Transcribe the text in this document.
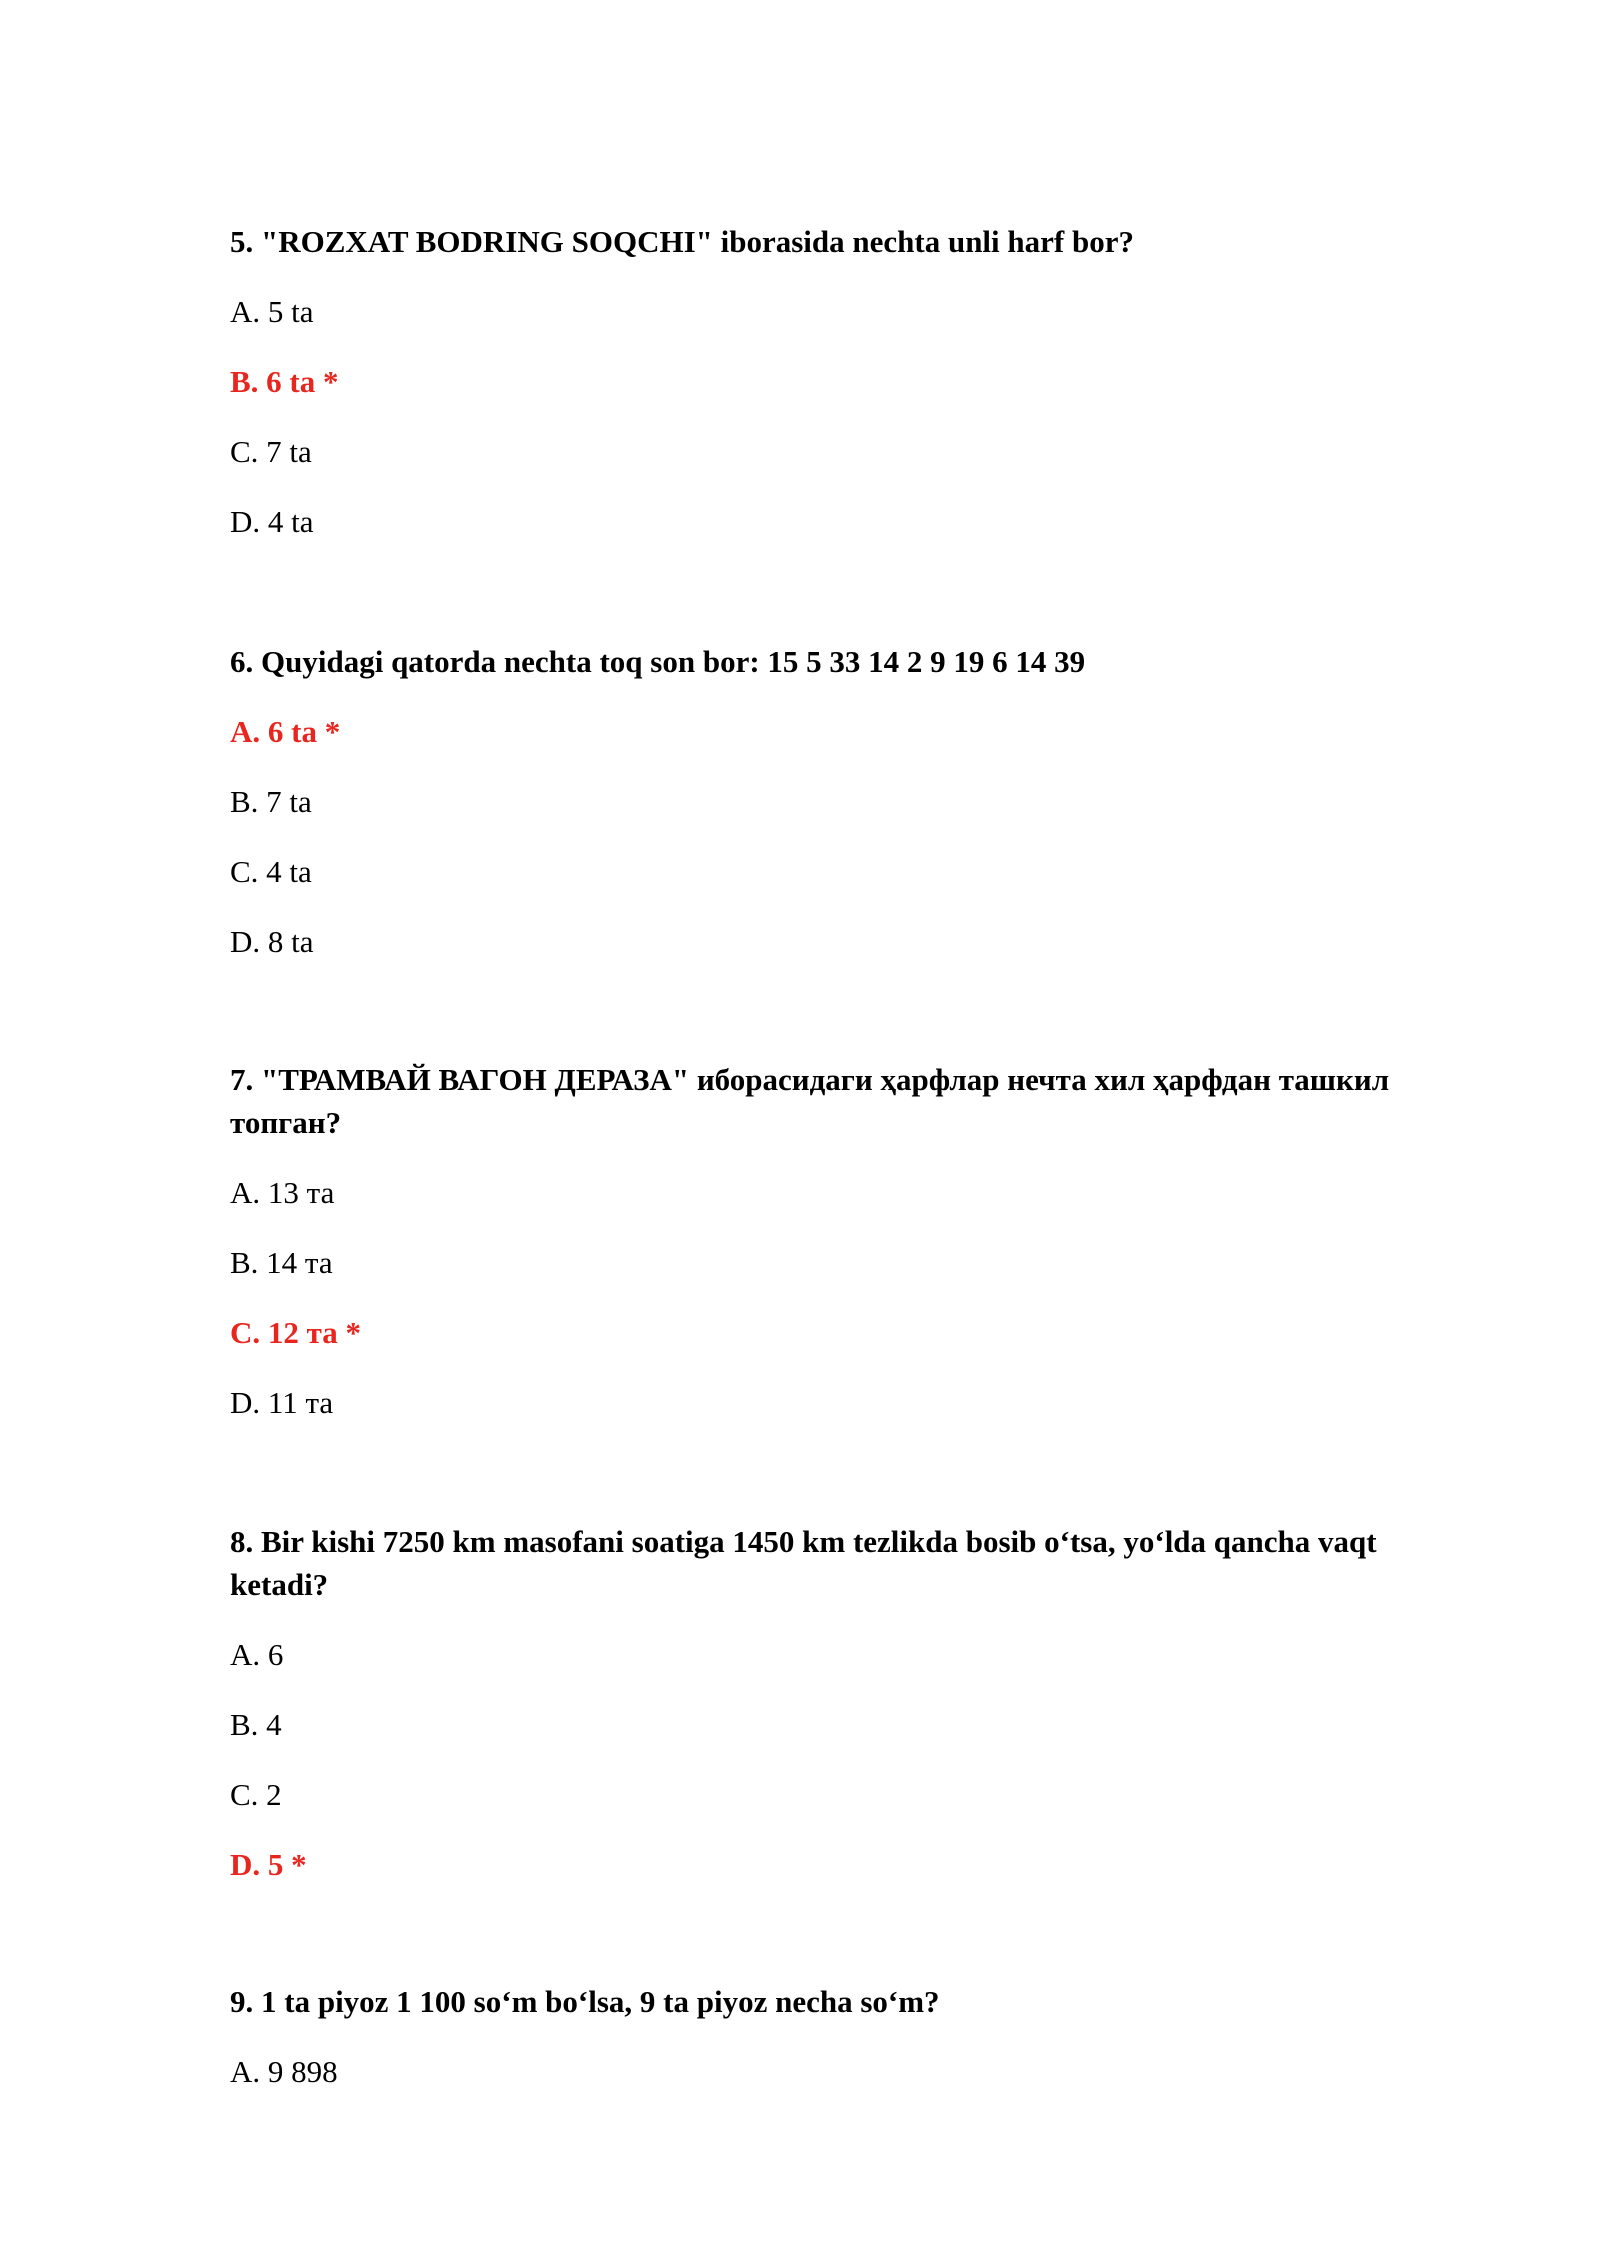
5. "ROZXAT BODRING SOQCHI" iborasida nechta unli harf bor?

A. 5 ta

B. 6 ta *

C. 7 ta

D. 4 ta

6. Quyidagi qatorda nechta toq son bor: 15 5 33 14 2 9 19 6 14 39

A. 6 ta *

B. 7 ta

C. 4 ta

D. 8 ta

7. "ТРАМВАЙ ВАГОН ДЕРАЗА" иборасидаги ҳарфлар нечта хил ҳарфдан ташкил топган?

A. 13 та

B. 14 та

C. 12 та *

D. 11 та

8. Bir kishi 7250 km masofani soatiga 1450 km tezlikda bosib o‘tsa, yo‘lda qancha vaqt ketadi?

A. 6

B. 4

C. 2

D. 5 *

9. 1 ta piyoz 1 100 so‘m bo‘lsa, 9 ta piyoz necha so‘m?

A. 9 898
